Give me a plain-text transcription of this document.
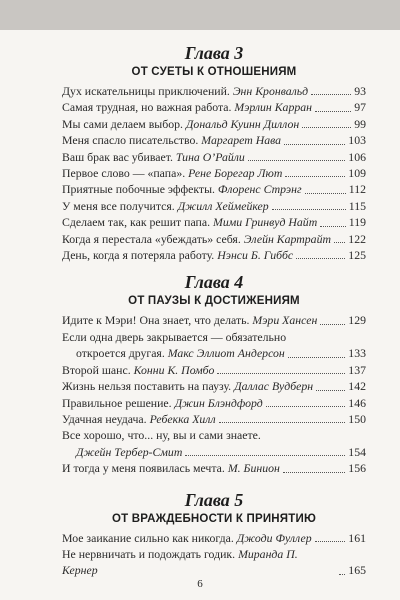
Глава 3
ОТ СУЕТЫ К ОТНОШЕНИЯМ
Дух искательницы приключений. Энн Кронвальд	93
Самая трудная, но важная работа. Мэрлин Карран	97
Мы сами делаем выбор. Дональд Куинн Диллон	99
Меня спасло писательство. Маргарет Нава	103
Ваш брак вас убивает. Тина О’Райли	106
Первое слово — «папа». Рене Борегар Лют	109
Приятные побочные эффекты. Флоренс Стрэнг	112
У меня все получится. Джилл Хеймейкер	115
Сделаем так, как решит папа. Мими Гринвуд Найт	119
Когда я перестала «убеждать» себя. Элейн Картрайт 122
День, когда я потеряла работу. Нэнси Б. Гиббс	125
Глава 4
ОТ ПАУЗЫ К ДОСТИЖЕНИЯМ
Идите к Мэри! Она знает, что делать. Мэри Хансен	129
Если одна дверь закрывается — обязательно
откроется другая. Макс Эллиот Андерсон	133
Второй шанс. Конни К. Помбо	137
Жизнь нельзя поставить на паузу. Даллас Вудберн	142
Правильное решение. Джин Блэндфорд	146
Удачная неудача. Ребекка Хилл	150
Все хорошо, что... ну, вы и сами знаете.
Джейн Тербер-Смит	154
И тогда у меня появилась мечта. М. Бинион	156
Глава 5
ОТ ВРАЖДЕБНОСТИ К ПРИНЯТИЮ
Мое заикание сильно как никогда. Джоди Фуллер	161
Не нервничать и подождать годик. Миранда П. Кернер	165
6
